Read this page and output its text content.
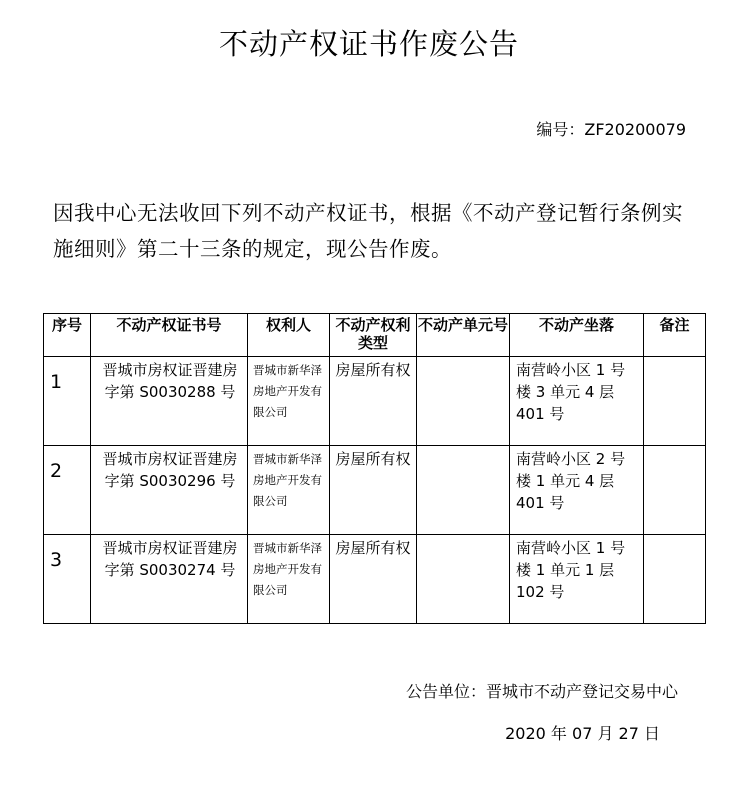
不动产权证书作废公告
编号：ZF20200079
因我中心无法收回下列不动产权证书，根据《不动产登记暂行条例实施细则》第二十三条的规定，现公告作废。
序号	不动产权证书号	权利人	不动产权利类型	不动产单元号	不动产坐落	备注
1	晋城市房权证晋建房字第 S0030288 号	晋城市新华泽房地产开发有限公司	房屋所有权		南营岭小区 1 号楼 3 单元 4 层 401 号	
2	晋城市房权证晋建房字第 S0030296 号	晋城市新华泽房地产开发有限公司	房屋所有权		南营岭小区 2 号楼 1 单元 4 层 401 号	
3	晋城市房权证晋建房字第 S0030274 号	晋城市新华泽房地产开发有限公司	房屋所有权		南营岭小区 1 号楼 1 单元 1 层 102 号	
公告单位：晋城市不动产登记交易中心
2020 年 07 月 27 日
